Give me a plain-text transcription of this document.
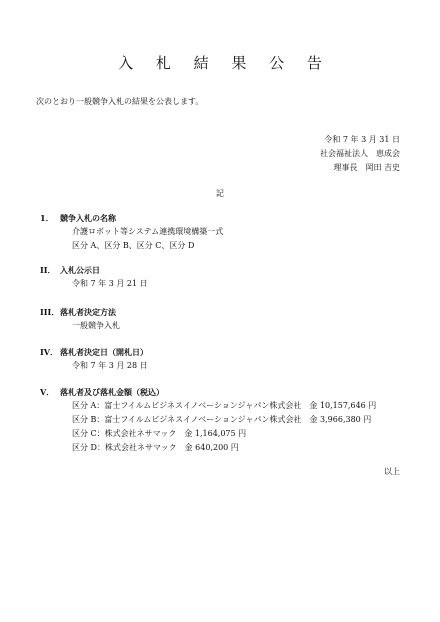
入 札 結 果 公 告
次のとおり一般競争入札の結果を公表します。
令和 7 年 3 月 31 日
社会福祉法人　恵成会
理事長　岡田 吉史
記
1． 競争入札の名称
介護ロボット等システム連携環境構築一式
区分 A、区分 B、区分 C、区分 D
II． 入札公示日
令和 7 年 3 月 21 日
III．落札者決定方法
一般競争入札
IV． 落札者決定日（開札日）
令和 7 年 3 月 28 日
V． 落札者及び落札金額（税込）
区分 A：富士フイルムビジネスイノベーションジャパン株式会社　金 10,157,646 円
区分 B：富士フイルムビジネスイノベーションジャパン株式会社　金 3,966,380 円
区分 C：株式会社ネサマック　金 1,164,075 円
区分 D：株式会社ネサマック　金 640,200 円
以上
